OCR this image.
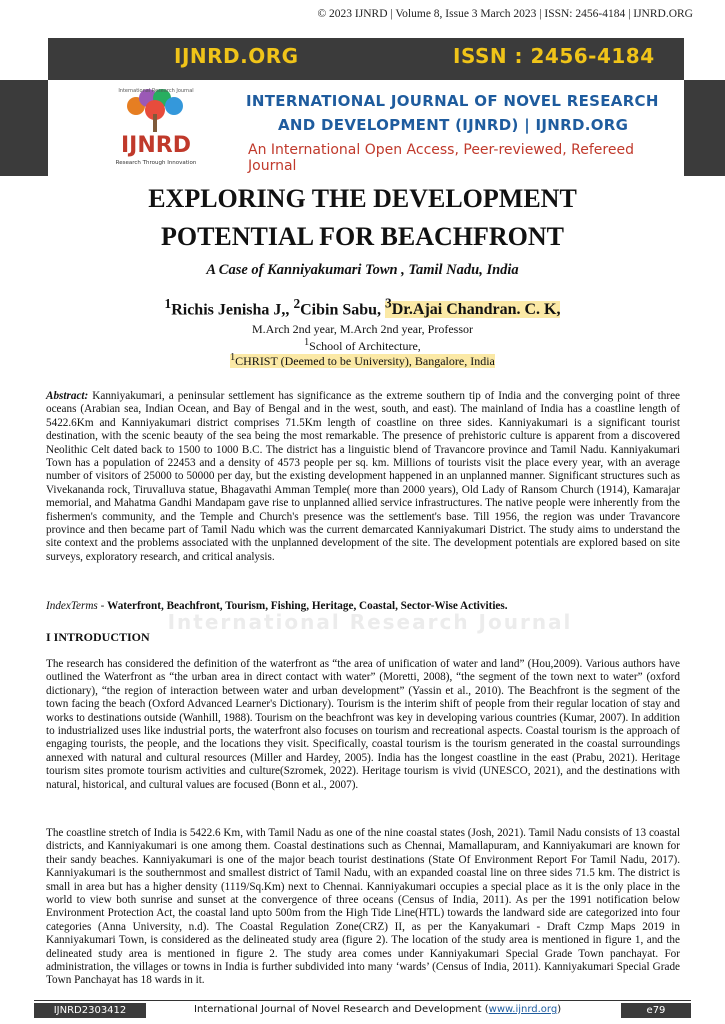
© 2023 IJNRD | Volume 8, Issue 3 March 2023 | ISSN: 2456-4184 | IJNRD.ORG
IJNRD.ORG	ISSN : 2456-4184
International Research Journal
IJNRD
Research Through Innovation
INTERNATIONAL JOURNAL OF NOVEL RESEARCH
AND DEVELOPMENT (IJNRD) | IJNRD.ORG
An International Open Access, Peer-reviewed, Refereed Journal
EXPLORING THE DEVELOPMENT
POTENTIAL FOR BEACHFRONT
A Case of Kanniyakumari Town , Tamil Nadu, India
$^1$Richis Jenisha J,, $^2$Cibin Sabu, $^3$Dr.Ajai Chandran. C. K,
M.Arch 2nd year, M.Arch 2nd year, Professor
$^1$School of Architecture,
$^1$CHRIST (Deemed to be University), Bangalore, India
Abstract: Kanniyakumari, a peninsular settlement has significance as the extreme southern tip of India and the converging point of three oceans (Arabian sea, Indian Ocean, and Bay of Bengal and in the west, south, and east). The mainland of India has a coastline length of 5422.6Km and Kanniyakumari district comprises 71.5Km length of coastline on three sides. Kanniyakumari is a significant tourist destination, with the scenic beauty of the sea being the most remarkable. The presence of prehistoric culture is apparent from a discovered Neolithic Celt dated back to 1500 to 1000 B.C. The district has a linguistic blend of Travancore province and Tamil Nadu. Kanniyakumari Town has a population of 22453 and a density of 4573 people per sq. km. Millions of tourists visit the place every year, with an average number of visitors of 25000 to 50000 per day, but the existing development happened in an unplanned manner. Significant structures such as Vivekananda rock, Tiruvalluva statue, Bhagavathi Amman Temple( more than 2000 years), Old Lady of Ransom Church (1914), Kamarajar memorial, and Mahatma Gandhi Mandapam gave rise to unplanned allied service infrastructures. The native people were inherently from the fishermen's community, and the Temple and Church's presence was the settlement's base. Till 1956, the region was under Travancore province and then became part of Tamil Nadu which was the current demarcated Kanniyakumari District. The study aims to understand the site context and the problems associated with the unplanned development of the site. The development potentials are explored based on site surveys, exploratory research, and critical analysis.
IndexTerms - Waterfront, Beachfront, Tourism, Fishing, Heritage, Coastal, Sector-Wise Activities.
International Research Journal
I INTRODUCTION
The research has considered the definition of the waterfront as “the area of unification of water and land” (Hou,2009). Various authors have outlined the Waterfront as “the urban area in direct contact with water” (Moretti, 2008), “the segment of the town next to water” (oxford dictionary), “the region of interaction between water and urban development” (Yassin et al., 2010). The Beachfront is the segment of the town facing the beach (Oxford Advanced Learner's Dictionary). Tourism is the interim shift of people from their regular location of stay and works to destinations outside (Wanhill, 1988). Tourism on the beachfront was key in developing various countries (Kumar, 2007). In addition to industrialized uses like industrial ports, the waterfront also focuses on tourism and recreational aspects. Coastal tourism is the approach of engaging tourists, the people, and the locations they visit. Specifically, coastal tourism is the tourism generated in the coastal surroundings annexed with natural and cultural resources (Miller and Hardey, 2005). India has the longest coastline in the east (Prabu, 2021). Heritage tourism sites promote tourism activities and culture(Szromek, 2022). Heritage tourism is vivid (UNESCO, 2021), and the destinations with natural, historical, and cultural values are focused (Bonn et al., 2007).
The coastline stretch of India is 5422.6 Km, with Tamil Nadu as one of the nine coastal states (Josh, 2021). Tamil Nadu consists of 13 coastal districts, and Kanniyakumari is one among them. Coastal destinations such as Chennai, Mamallapuram, and Kanniyakumari are known for their sandy beaches. Kanniyakumari is one of the major beach tourist destinations (State Of Environment Report For Tamil Nadu, 2017). Kanniyakumari is the southernmost and smallest district of Tamil Nadu, with an expanded coastal line on three sides 71.5 km. The district is small in area but has a higher density (1119/Sq.Km) next to Chennai. Kanniyakumari occupies a special place as it is the only place in the world to view both sunrise and sunset at the convergence of three oceans (Census of India, 2011). As per the 1991 notification below Environment Protection Act, the coastal land upto 500m from the High Tide Line(HTL) towards the landward side are categorized into four categories (Anna University, n.d). The Coastal Regulation Zone(CRZ) II, as per the Kanyakumari - Draft Czmp Maps 2019 in Kanniyakumari Town, is considered as the delineated study area (figure 2). The location of the study area is mentioned in figure 1, and the delineated study area is mentioned in figure 2. The study area comes under Kanniyakumari Special Grade Town panchayat. For administration, the villages or towns in India is further subdivided into many ‘wards’ (Census of India, 2011). Kanniyakumari Special Grade Town Panchayat has 18 wards in it.
IJNRD2303412	International Journal of Novel Research and Development (www.ijnrd.org)	e79
